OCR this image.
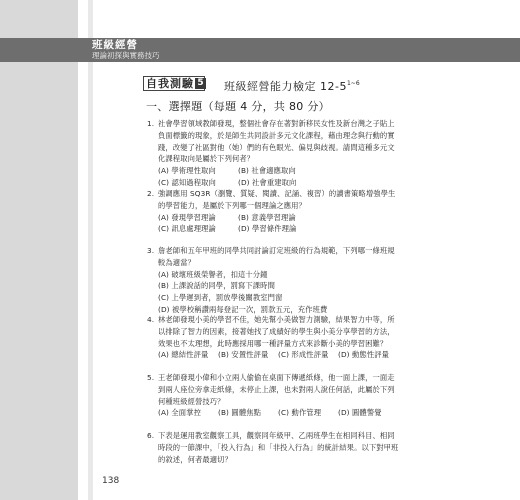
班級經營
理論初探與實務技巧
自我測驗 5 班級經營能力檢定 $12-5^{1\sim 6}$
一、選擇題（每題 4 分，共 80 分）
1. 社會學習領域教師發現，整個社會存在著對新移民女性及新台灣之子貼上負面標籤的現象，於是師生共同設計多元文化課程，藉由理念與行動的實踐，改變了社區對他（她）們的有色眼光、偏見與歧視。請問這種多元文化課程取向是屬於下列何者？
(A) 學術理性取向	(B) 社會適應取向
(C) 認知過程取向	(D) 社會重建取向
2. 強調應用 SQ3R（瀏覽、質疑、閱讀、記誦、複習）的讀書策略增強學生的學習能力，是屬於下列哪一個理論之應用？
(A) 發現學習理論	(B) 意義學習理論
(C) 訊息處理理論	(D) 學習條件理論
3. 詹老師和五年甲班的同學共同討論訂定班級的行為規範，下列哪一條班規較為適當？
(A) 破壞班級榮譽者，扣這十分鐘
(B) 上課說話的同學，罰寫下課時間
(C) 上學遲到者，罰放學後關教室門窗
(D) 被學校稱讚兩每登記一次，罰款五元，充作班費
4. 林老師發現小美的學習不佳，她先幫小美做智力測驗，結果智力中等，所以排除了智力的因素，接著她找了成績好的學生與小美分享學習的方法，效果也不太理想，此時應採用哪一種評量方式來診斷小美的學習困難？
(A) 總結性評量	(B) 安置性評量	(C) 形成性評量	(D) 動態性評量
5. 王老師發現小偉和小立兩人偷偷在桌面下傳遞紙條，他一面上課，一面走到兩人座位旁拿走紙條，未停止上課，也未對兩人說任何話，此屬於下列何種班級經營技巧？
(A) 全面掌控	(B) 圓體焦點	(C) 動作管理	(D) 圓體警覺
6. 下表是運用教室觀察工具，觀察同年級甲、乙兩班學生在相同科目、相同時段的一節課中，「投入行為」和「非投入行為」的統計結果。以下對甲班的敘述，何者最適切？
138
